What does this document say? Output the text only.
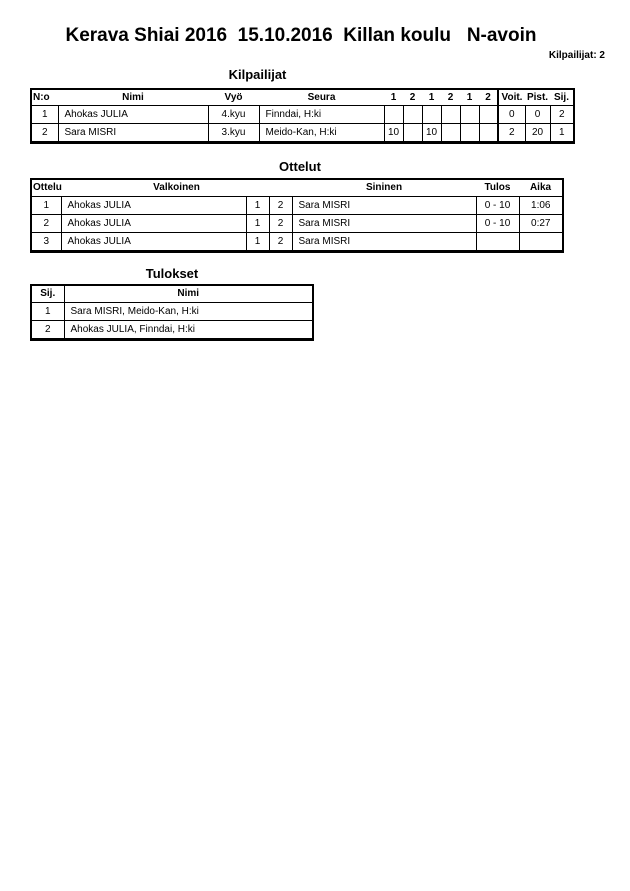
Kerava Shiai 2016  15.10.2016  Killan koulu   N-avoin
Kilpailijat: 2
Kilpailijat
N:o	Nimi	Vyö	Seura	1	2	1	2	1	2	Voit.	Pist.	Sij.
1	Ahokas JULIA	4.kyu	Finndai, H:ki							0	0	2
2	Sara MISRI	3.kyu	Meido-Kan, H:ki	10		10				2	20	1
Ottelut
Ottelu	Valkoinen			Sininen	Tulos	Aika
1	Ahokas JULIA	1	2	Sara MISRI	0 - 10	1:06
2	Ahokas JULIA	1	2	Sara MISRI	0 - 10	0:27
3	Ahokas JULIA	1	2	Sara MISRI		
Tulokset
Sij.	Nimi
1	Sara MISRI, Meido-Kan, H:ki
2	Ahokas JULIA, Finndai, H:ki
